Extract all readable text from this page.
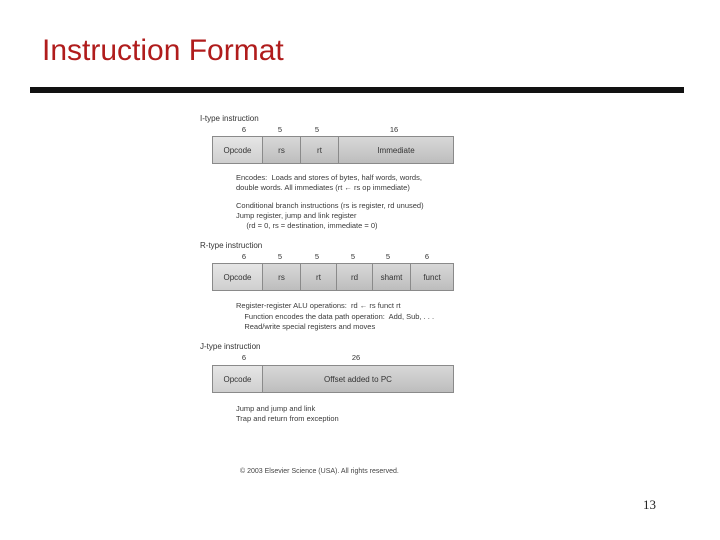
Instruction Format
I-type instruction
6	5	5	16
Opcode	rs	rt	Immediate
Encodes:  Loads and stores of bytes, half words, words,
double words. All immediates (rt ← rs op immediate)
Conditional branch instructions (rs is register, rd unused)
Jump register, jump and link register
(rd = 0, rs = destination, immediate = 0)
R-type instruction
6	5	5	5	5	6
Opcode	rs	rt	rd	shamt	funct
Register-register ALU operations:  rd ← rs funct rt
Function encodes the data path operation:  Add, Sub, . . .
Read/write special registers and moves
J-type instruction
6	26
Opcode	Offset added to PC
Jump and jump and link
Trap and return from exception
© 2003 Elsevier Science (USA). All rights reserved.
13
